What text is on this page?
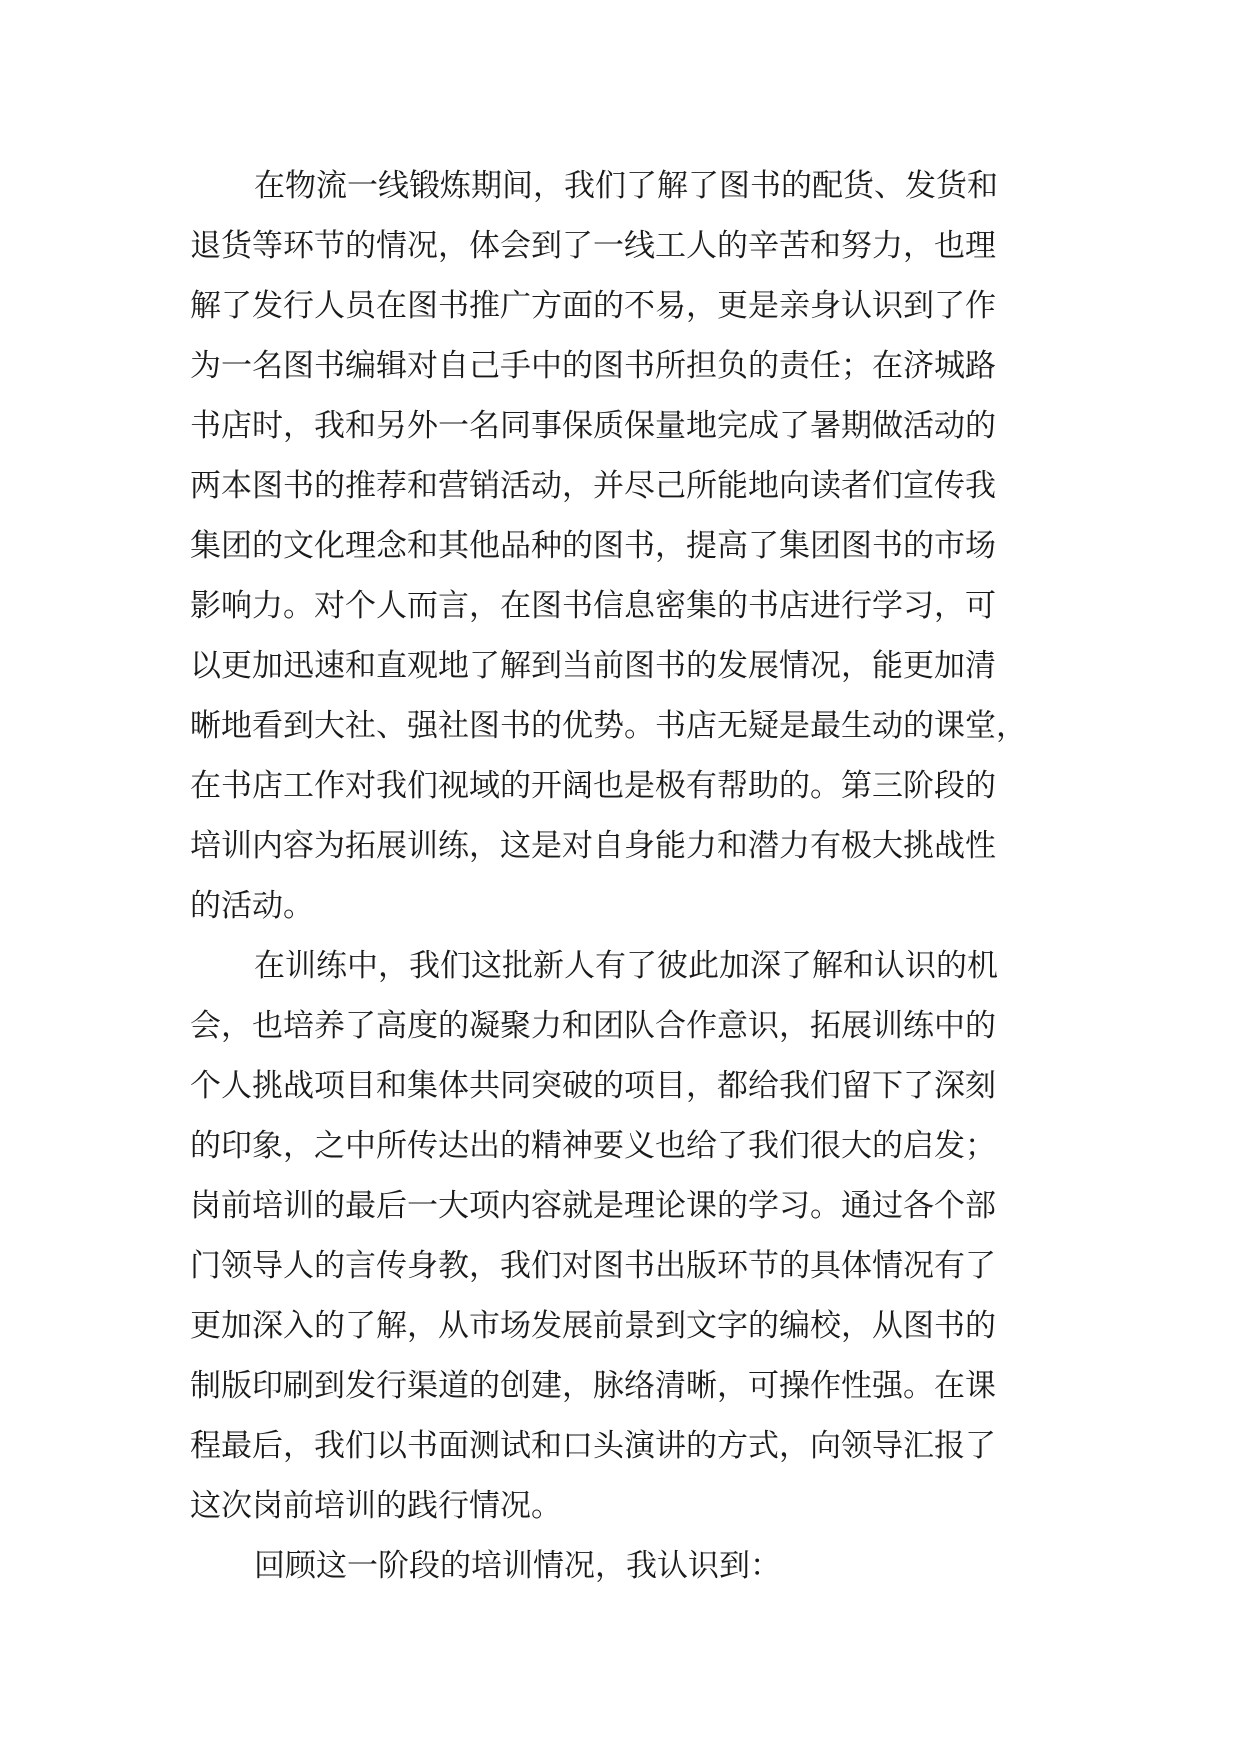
在物流一线锻炼期间，我们了解了图书的配货、发货和
退货等环节的情况，体会到了一线工人的辛苦和努力，也理
解了发行人员在图书推广方面的不易，更是亲身认识到了作
为一名图书编辑对自己手中的图书所担负的责任；在济城路
书店时，我和另外一名同事保质保量地完成了暑期做活动的
两本图书的推荐和营销活动，并尽己所能地向读者们宣传我
集团的文化理念和其他品种的图书，提高了集团图书的市场
影响力。对个人而言，在图书信息密集的书店进行学习，可
以更加迅速和直观地了解到当前图书的发展情况，能更加清
晰地看到大社、强社图书的优势。书店无疑是最生动的课堂，
在书店工作对我们视域的开阔也是极有帮助的。第三阶段的
培训内容为拓展训练，这是对自身能力和潜力有极大挑战性
的活动。
在训练中，我们这批新人有了彼此加深了解和认识的机
会，也培养了高度的凝聚力和团队合作意识，拓展训练中的
个人挑战项目和集体共同突破的项目，都给我们留下了深刻
的印象，之中所传达出的精神要义也给了我们很大的启发；
岗前培训的最后一大项内容就是理论课的学习。通过各个部
门领导人的言传身教，我们对图书出版环节的具体情况有了
更加深入的了解，从市场发展前景到文字的编校，从图书的
制版印刷到发行渠道的创建，脉络清晰，可操作性强。在课
程最后，我们以书面测试和口头演讲的方式，向领导汇报了
这次岗前培训的践行情况。
回顾这一阶段的培训情况，我认识到：
